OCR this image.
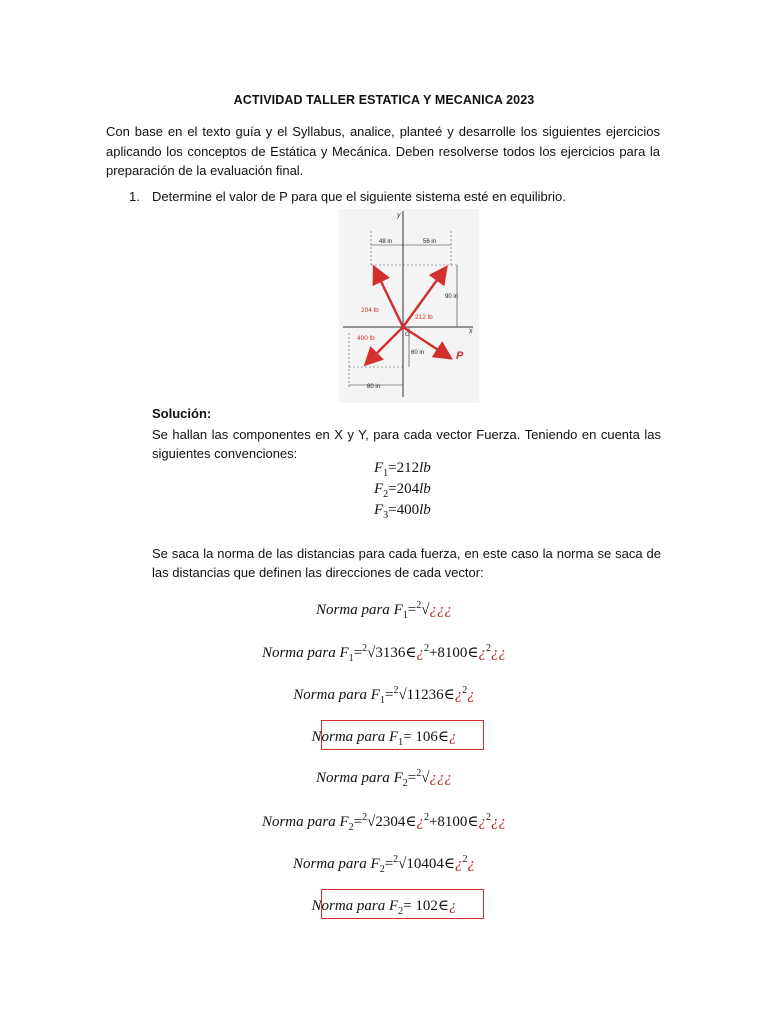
ACTIVIDAD TALLER ESTATICA Y MECANICA 2023
Con base en el texto guía y el Syllabus, analice, planteé y desarrolle los siguientes ejercicios aplicando los conceptos de Estática y Mecánica. Deben resolverse todos los ejercicios para la preparación de la evaluación final.
1. Determine el valor de P para que el siguiente sistema esté en equilibrio.
y
x
48 in	56 in
90 in
60 in
80 in
204 lb
212 lb
400 lb
P
O
Solución:
Se hallan las componentes en X y Y, para cada vector Fuerza. Teniendo en cuenta las siguientes convenciones:
$F_1=212lb$
$F_2=204lb$
$F_3=400lb$
Se saca la norma de las distancias para cada fuerza, en este caso la norma se saca de las distancias que definen las direcciones de cada vector:
Norma para $F_1=^2√¿¿¿$
Norma para $F_1=^2√3136\in¿^2+8100\in¿^2¿¿$
Norma para $F_1=^2√11236\in¿^2¿$
Norma para $F_1=$ 106∈¿
Norma para $F_2=^2√¿¿¿$
Norma para $F_2=^2√2304\in¿^2+8100\in¿^2¿¿$
Norma para $F_2=^2√10404\in¿^2¿$
Norma para $F_2=$ 102∈¿
